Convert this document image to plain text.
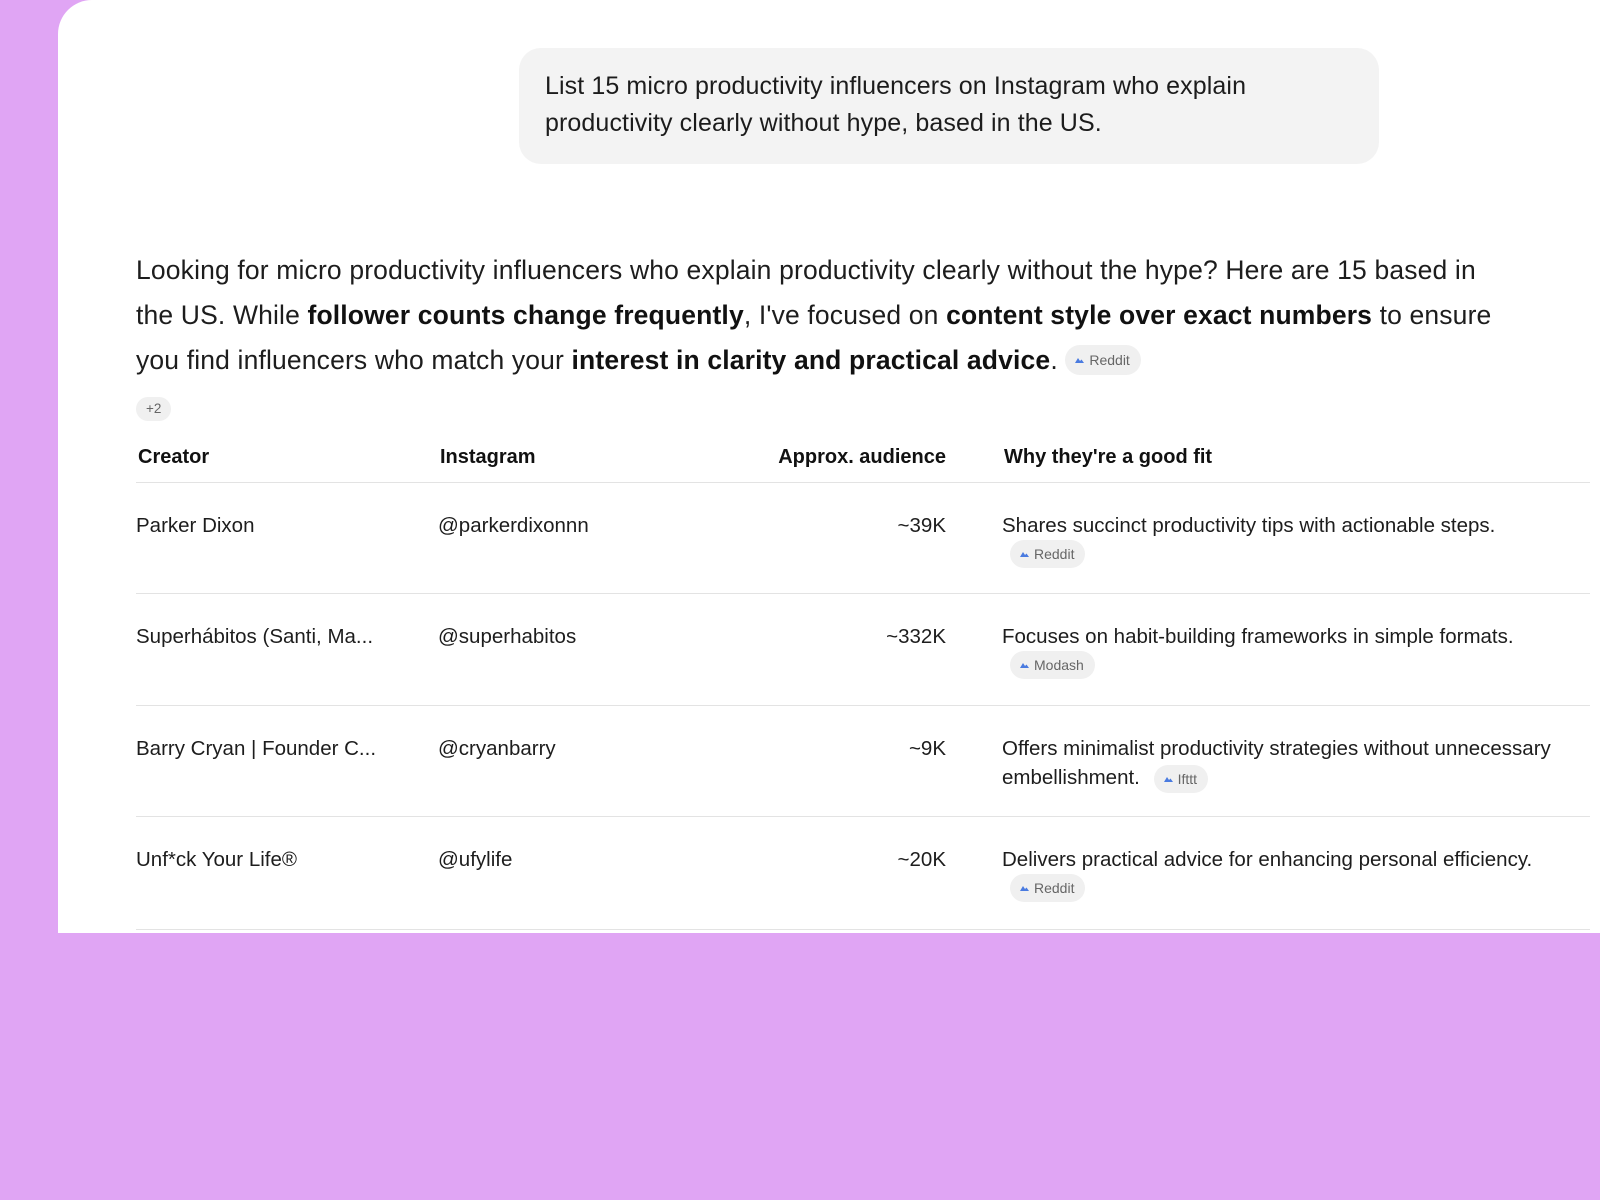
List 15 micro productivity influencers on Instagram who explain productivity clearly without hype, based in the US.
Looking for micro productivity influencers who explain productivity clearly without the hype? Here are 15 based in the US. While follower counts change frequently, I've focused on content style over exact numbers to ensure you find influencers who match your interest in clarity and practical advice. Reddit
+2
Creator	Instagram	Approx. audience	Why they're a good fit
Parker Dixon	@parkerdixonnn	~39K	Shares succinct productivity tips with actionable steps.
Reddit

Superhábitos (Santi, Ma...	@superhabitos	~332K	Focuses on habit-building frameworks in simple formats.
Modash

Barry Cryan | Founder C...	@cryanbarry	~9K	Offers minimalist productivity strategies without unnecessary embellishment. Ifttt

Unf*ck Your Life®	@ufylife	~20K	Delivers practical advice for enhancing personal efficiency.
Reddit
